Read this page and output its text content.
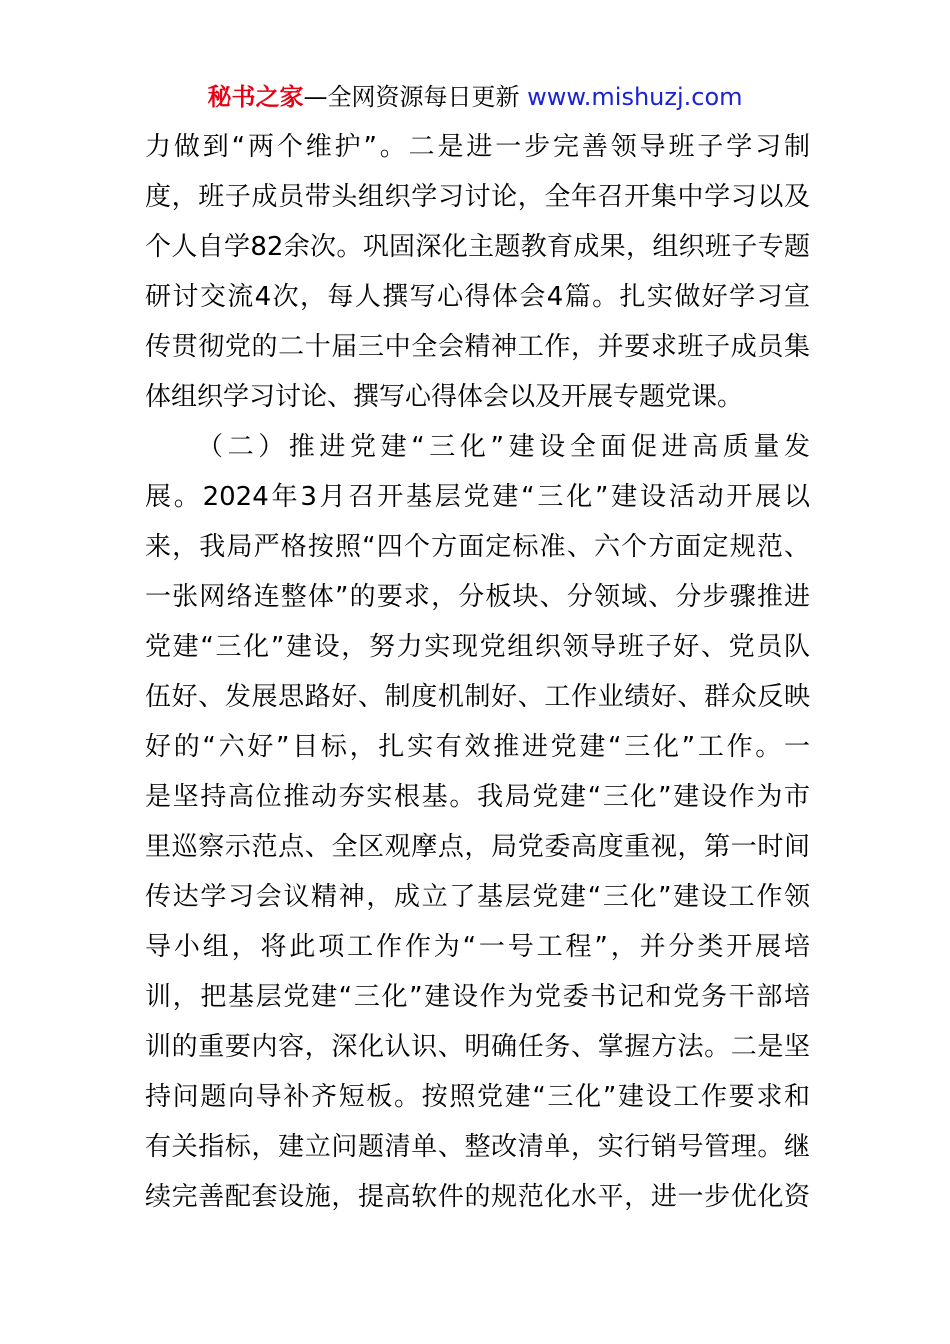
秘书之家—全网资源每日更新 www.mishuzj.com
力做到“两个维护”。二是进一步完善领导班子学习制
度，班子成员带头组织学习讨论，全年召开集中学习以及
个人自学82余次。巩固深化主题教育成果，组织班子专题
研讨交流4次，每人撰写心得体会4篇。扎实做好学习宣
传贯彻党的二十届三中全会精神工作，并要求班子成员集
体组织学习讨论、撰写心得体会以及开展专题党课。
（二）推进党建“三化”建设全面促进高质量发
展。2024年3月召开基层党建“三化”建设活动开展以
来，我局严格按照“四个方面定标准、六个方面定规范、
一张网络连整体”的要求，分板块、分领域、分步骤推进
党建“三化”建设，努力实现党组织领导班子好、党员队
伍好、发展思路好、制度机制好、工作业绩好、群众反映
好的“六好”目标，扎实有效推进党建“三化”工作。一
是坚持高位推动夯实根基。我局党建“三化”建设作为市
里巡察示范点、全区观摩点，局党委高度重视，第一时间
传达学习会议精神，成立了基层党建“三化”建设工作领
导小组，将此项工作作为“一号工程”，并分类开展培
训，把基层党建“三化”建设作为党委书记和党务干部培
训的重要内容，深化认识、明确任务、掌握方法。二是坚
持问题向导补齐短板。按照党建“三化”建设工作要求和
有关指标，建立问题清单、整改清单，实行销号管理。继
续完善配套设施，提高软件的规范化水平，进一步优化资
